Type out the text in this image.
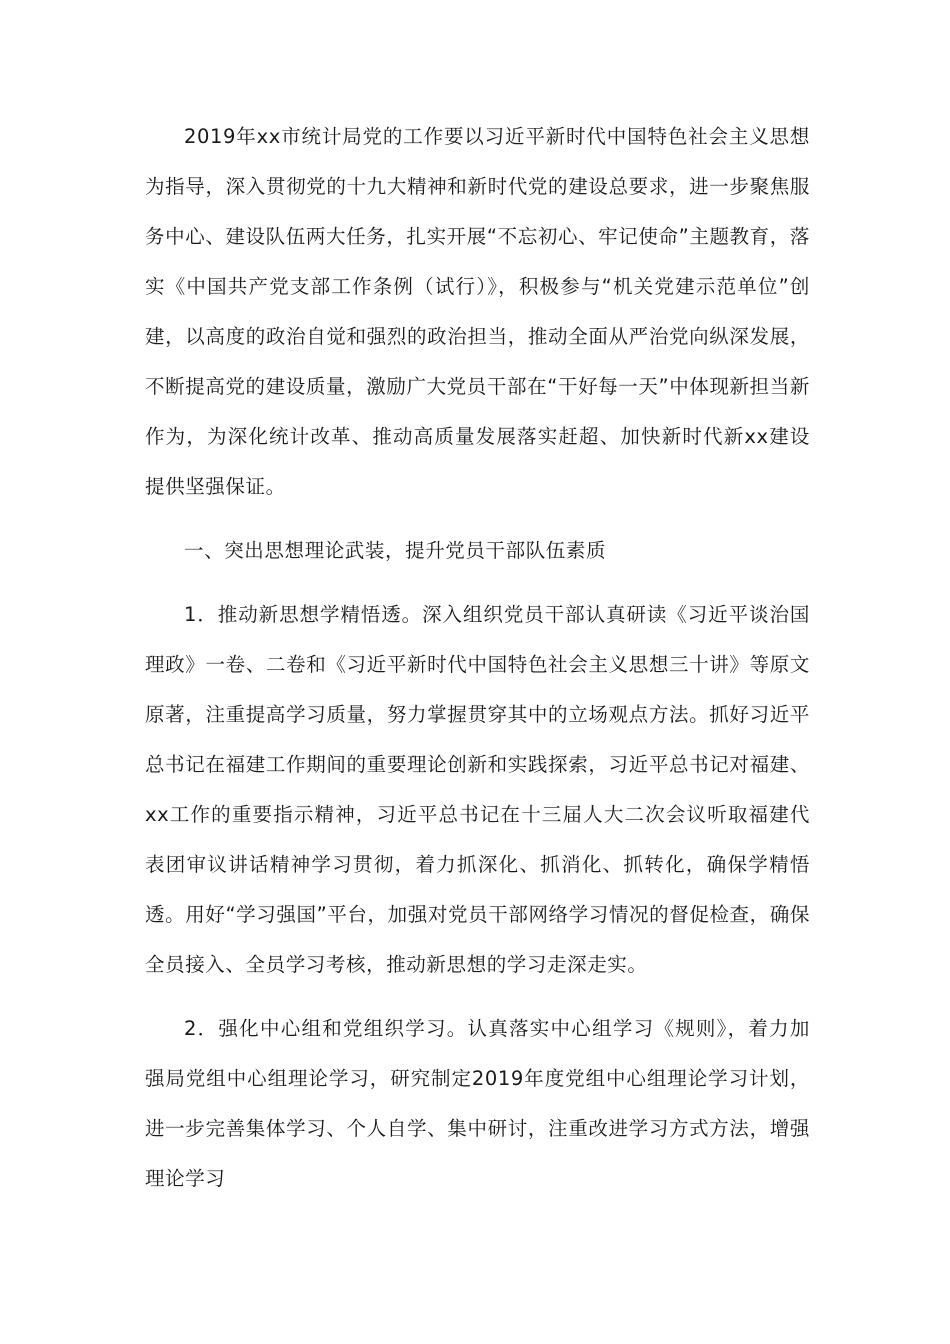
2019年xx市统计局党的工作要以习近平新时代中国特色社会主义思想为指导，深入贯彻党的十九大精神和新时代党的建设总要求，进一步聚焦服务中心、建设队伍两大任务，扎实开展“不忘初心、牢记使命”主题教育，落实《中国共产党支部工作条例（试行）》，积极参与“机关党建示范单位”创建，以高度的政治自觉和强烈的政治担当，推动全面从严治党向纵深发展，不断提高党的建设质量，激励广大党员干部在“干好每一天”中体现新担当新作为，为深化统计改革、推动高质量发展落实赶超、加快新时代新xx建设提供坚强保证。

一、突出思想理论武装，提升党员干部队伍素质

1．推动新思想学精悟透。深入组织党员干部认真研读《习近平谈治国理政》一卷、二卷和《习近平新时代中国特色社会主义思想三十讲》等原文原著，注重提高学习质量，努力掌握贯穿其中的立场观点方法。抓好习近平总书记在福建工作期间的重要理论创新和实践探索，习近平总书记对福建、xx工作的重要指示精神，习近平总书记在十三届人大二次会议听取福建代表团审议讲话精神学习贯彻，着力抓深化、抓消化、抓转化，确保学精悟透。用好“学习强国”平台，加强对党员干部网络学习情况的督促检查，确保全员接入、全员学习考核，推动新思想的学习走深走实。

2．强化中心组和党组织学习。认真落实中心组学习《规则》，着力加强局党组中心组理论学习，研究制定2019年度党组中心组理论学习计划，进一步完善集体学习、个人自学、集中研讨，注重改进学习方式方法，增强理论学习
